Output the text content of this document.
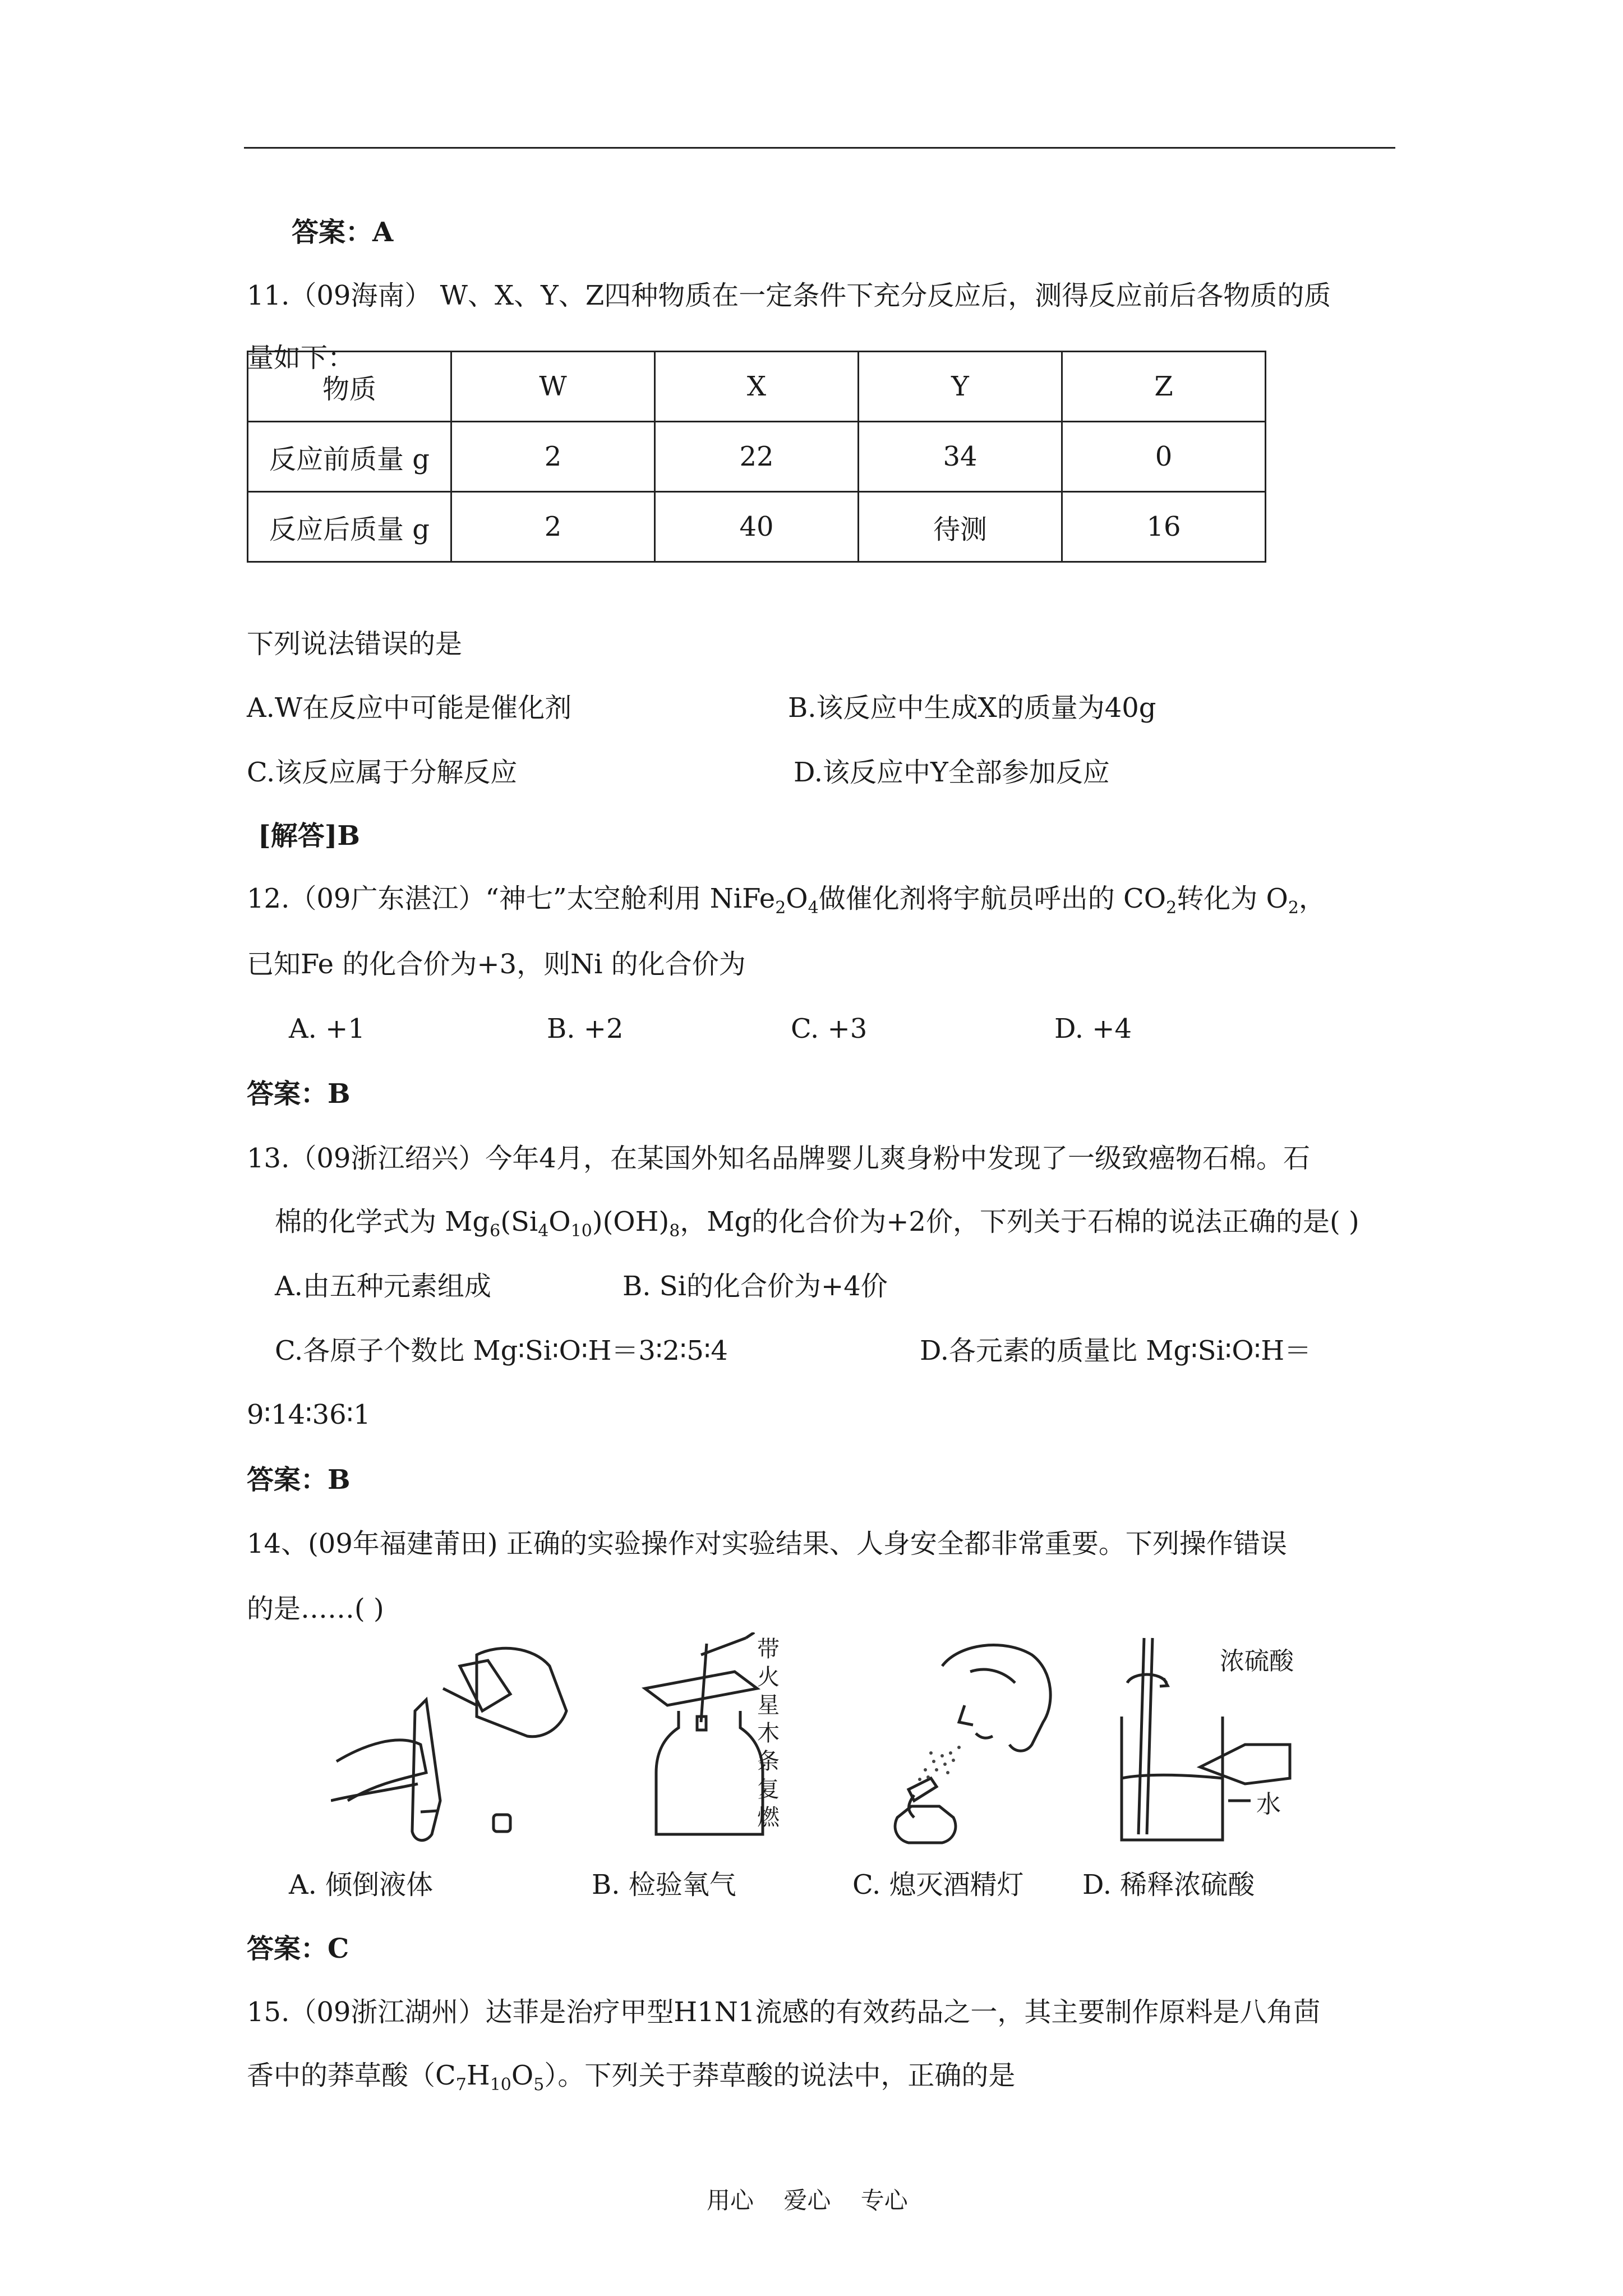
答案：A
11.（09海南） W、X、Y、Z四种物质在一定条件下充分反应后，测得反应前后各物质的质
量如下：
物质	W	X	Y	Z
反应前质量 g	2	22	34	0
反应后质量 g	2	40	待测	16
下列说法错误的是
A.W在反应中可能是催化剂	B.该反应中生成X的质量为40g
C.该反应属于分解反应	D.该反应中Y全部参加反应
[解答]B
12.（09广东湛江）“神七”太空舱利用 $NiFe_2O_4$做催化剂将宇航员呼出的 $CO_2$转化为 $O_2$，
已知Fe 的化合价为+3，则Ni 的化合价为
A. +1	B. +2	C. +3	D. +4
答案：B
13.（09浙江绍兴）今年4月，在某国外知名品牌婴儿爽身粉中发现了一级致癌物石棉。石
棉的化学式为 $Mg_6(Si_4O_{10})(OH)_8$，Mg的化合价为+2价，下列关于石棉的说法正确的是( )
A.由五种元素组成	B. Si的化合价为+4价
C.各原子个数比 Mg∶Si∶O∶H＝3∶2∶5∶4	D.各元素的质量比 Mg∶Si∶O∶H＝
9∶14∶36∶1
答案：B
14、(09年福建莆田) 正确的实验操作对实验结果、人身安全都非常重要。下列操作错误
的是……( )
带火星木条复燃
浓硫酸
水
A. 倾倒液体	B. 检验氧气	C. 熄灭酒精灯 D. 稀释浓硫酸
答案：C
15.（09浙江湖州）达菲是治疗甲型H1N1流感的有效药品之一，其主要制作原料是八角茴
香中的莽草酸$(C_7H_{10}O_5)$。下列关于莽草酸的说法中，正确的是
用心    爱心    专心
